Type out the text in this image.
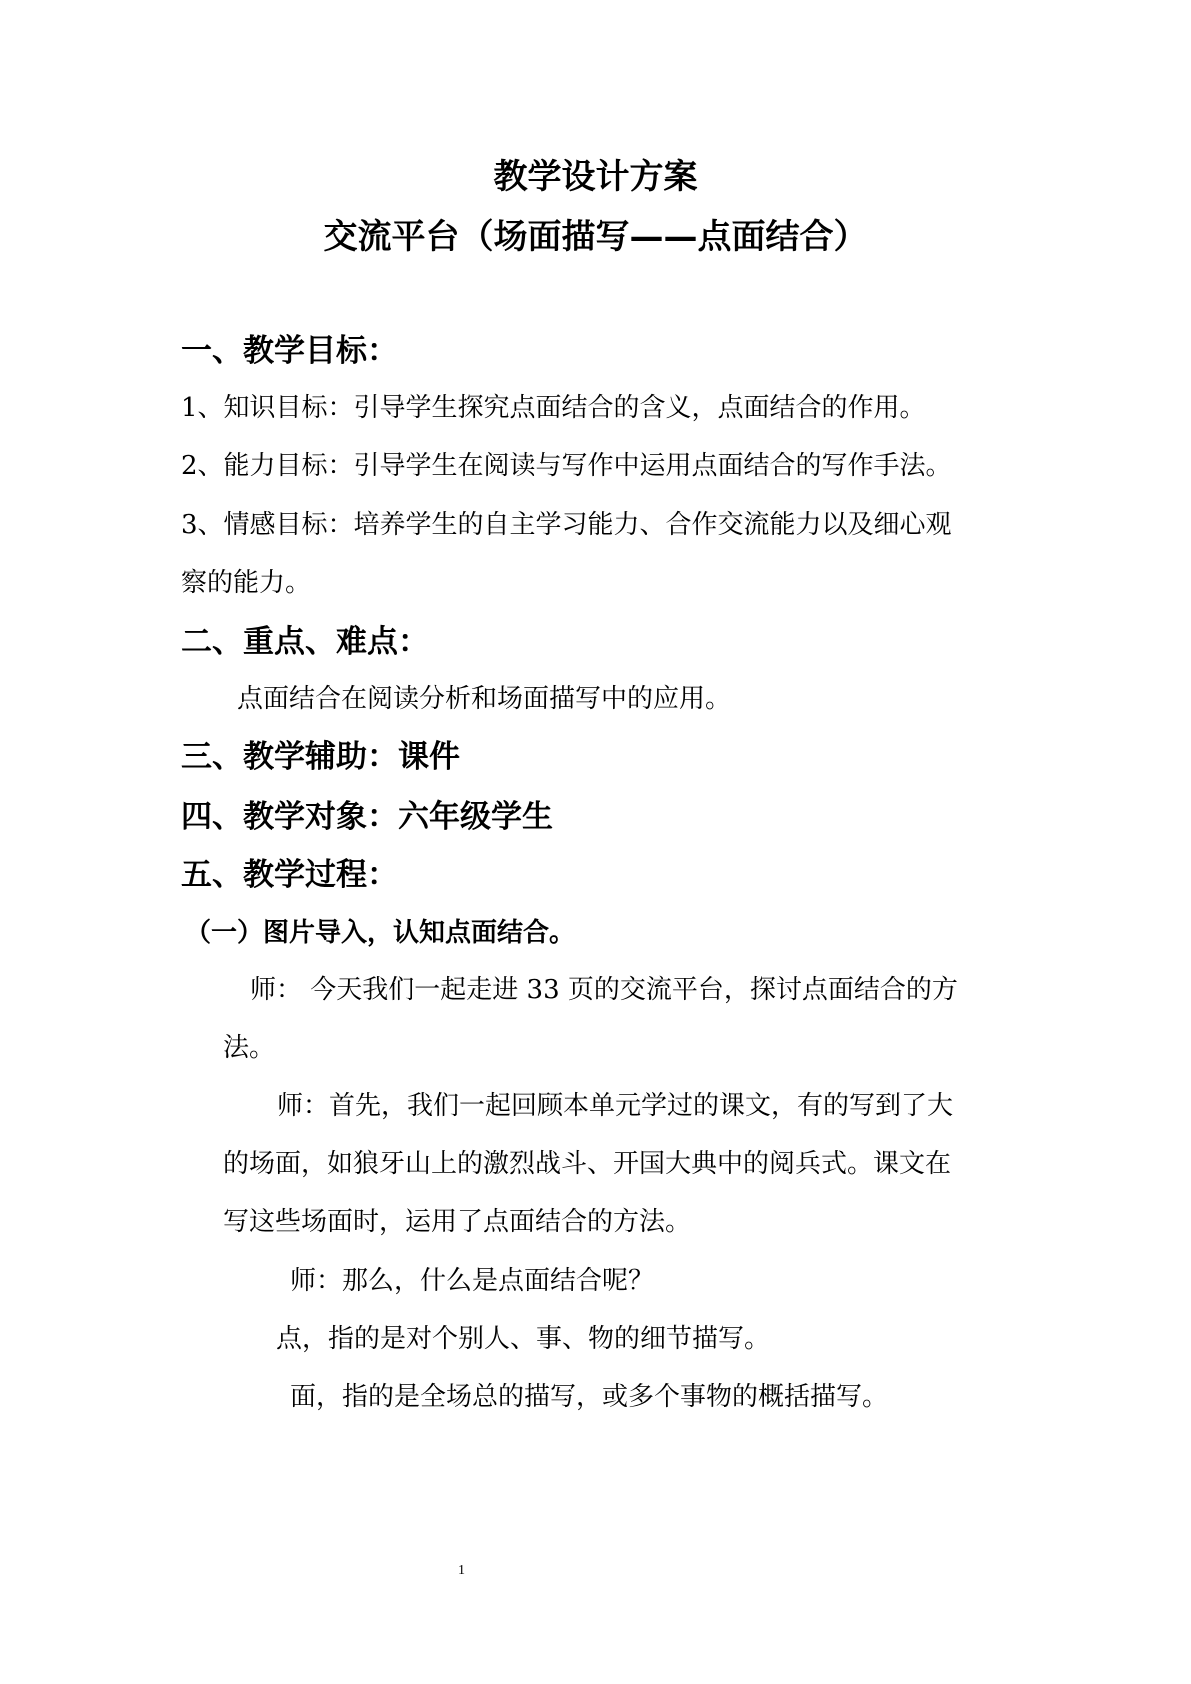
教学设计方案
交流平台（场面描写——点面结合）
一、教学目标：
1、知识目标：引导学生探究点面结合的含义，点面结合的作用。
2、能力目标：引导学生在阅读与写作中运用点面结合的写作手法。
3、情感目标：培养学生的自主学习能力、合作交流能力以及细心观
察的能力。
二、重点、难点：
点面结合在阅读分析和场面描写中的应用。
三、教学辅助：课件
四、教学对象：六年级学生
五、教学过程：
（一）图片导入，认知点面结合。
师： 今天我们一起走进 33 页的交流平台，探讨点面结合的方
法。
师：首先，我们一起回顾本单元学过的课文，有的写到了大
的场面，如狼牙山上的激烈战斗、开国大典中的阅兵式。课文在
写这些场面时，运用了点面结合的方法。
师：那么，什么是点面结合呢？
点，指的是对个别人、事、物的细节描写。
面，指的是全场总的描写，或多个事物的概括描写。
1
